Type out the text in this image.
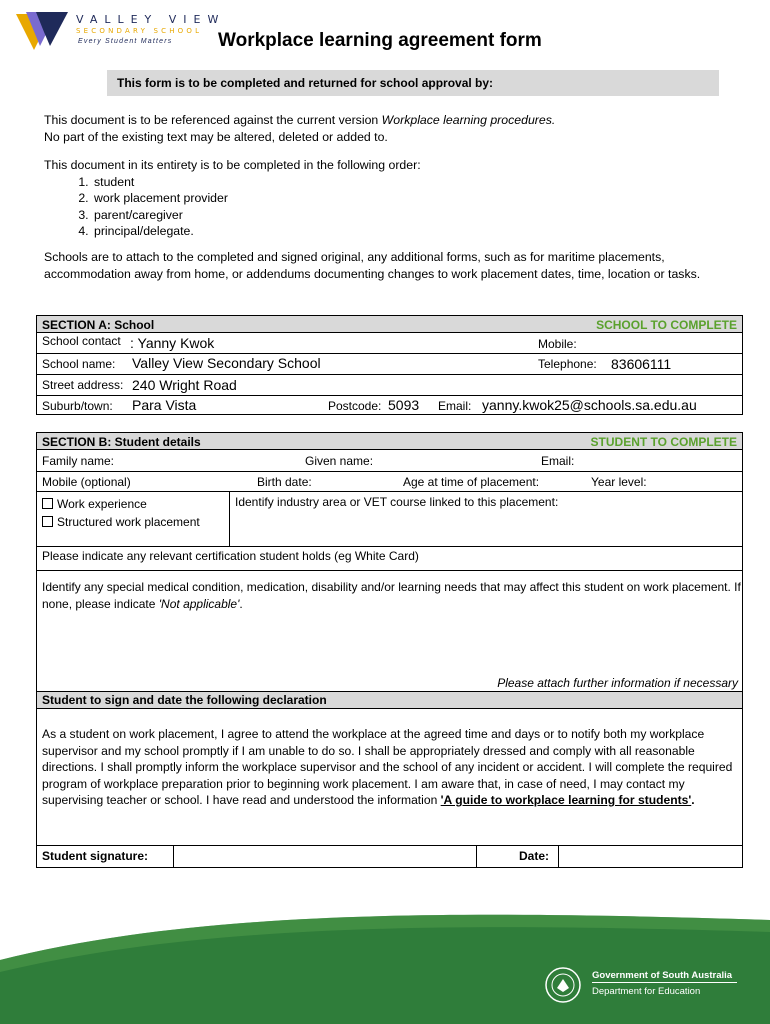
VALLEY VIEW
SECONDARY SCHOOL
Every Student Matters Workplace learning agreement form
This form is to be completed and returned for school approval by:
This document is to be referenced against the current version Workplace learning procedures.
No part of the existing text may be altered, deleted or added to.
This document in its entirety is to be completed in the following order:
1. student
2. work placement provider
3. parent/caregiver
4. principal/delegate.
Schools are to attach to the completed and signed original, any additional forms, such as for maritime placements, accommodation away from home, or addendums documenting changes to work placement dates, time, location or tasks.
SECTION A: School	SCHOOL TO COMPLETE
School contact : Yanny Kwok	Mobile:
School name: Valley View Secondary School	Telephone: 83606111
Street address: 240 Wright Road
Suburb/town: Para Vista	Postcode: 5093 Email: yanny.kwok25@schools.sa.edu.au
SECTION B: Student details	STUDENT TO COMPLETE
Family name:	Given name:	Email:
Mobile (optional)	Birth date:	Age at time of placement:	Year level:
Work experience
Structured work placement
Identify industry area or VET course linked to this placement:
Please indicate any relevant certification student holds (eg White Card)
Identify any special medical condition, medication, disability and/or learning needs that may affect this student on work placement. If none, please indicate 'Not applicable'.
Please attach further information if necessary
Student to sign and date the following declaration
As a student on work placement, I agree to attend the workplace at the agreed time and days or to notify both my workplace supervisor and my school promptly if I am unable to do so. I shall be appropriately dressed and comply with all reasonable directions. I shall promptly inform the workplace supervisor and the school of any incident or accident. I will complete the required program of workplace preparation prior to beginning work placement. I am aware that, in case of need, I may contact my supervising teacher or school. I have read and understood the information 'A guide to workplace learning for students'.
Student signature:	Date:
Government of South Australia
Department for Education
